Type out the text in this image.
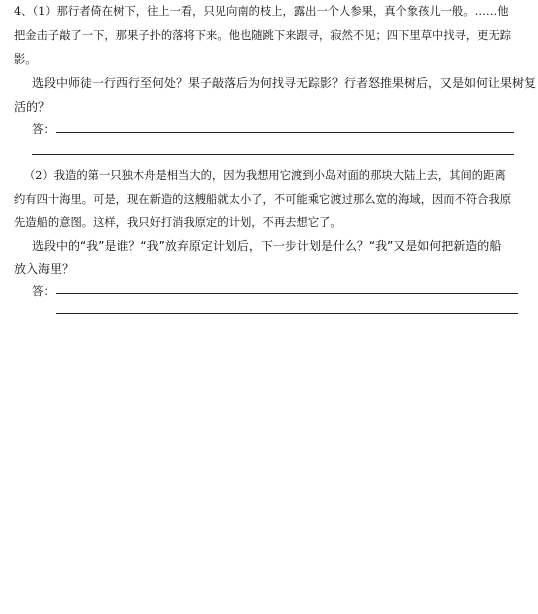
4、（1）那行者倚在树下，往上一看，只见向南的枝上，露出一个人参果，真个象孩儿一般。……他
把金击子敲了一下，那果子扑的落将下来。他也随跳下来跟寻，寂然不见；四下里草中找寻，更无踪
影。
选段中师徒一行西行至何处？果子敲落后为何找寻无踪影？行者怒推果树后，又是如何让果树复
活的？
答：
（2）我造的第一只独木舟是相当大的，因为我想用它渡到小岛对面的那块大陆上去，其间的距离
约有四十海里。可是，现在新造的这艘船就太小了，不可能乘它渡过那么宽的海域，因而不符合我原
先造船的意图。这样，我只好打消我原定的计划，不再去想它了。
选段中的“我”是谁？“我”放弃原定计划后，下一步计划是什么？“我”又是如何把新造的船
放入海里？
答：
